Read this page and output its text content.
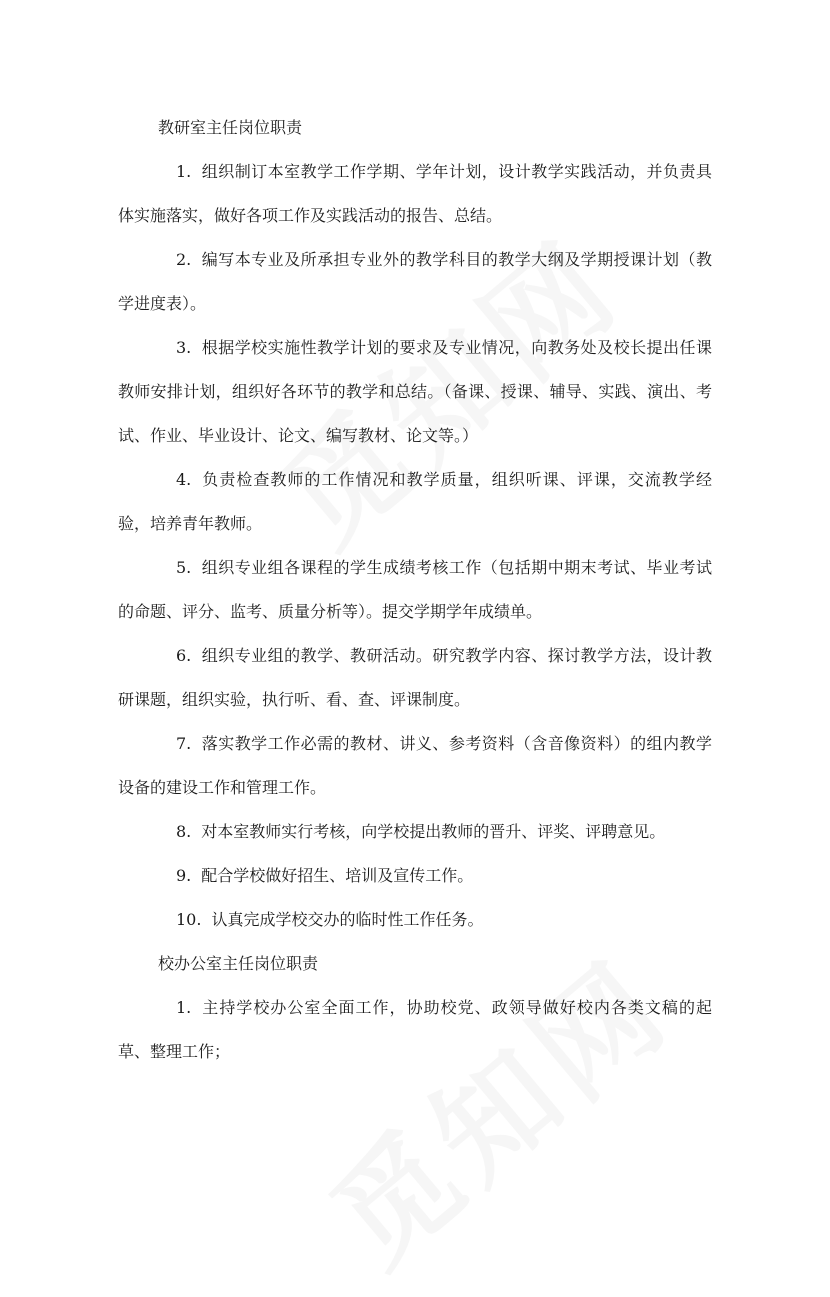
教研室主任岗位职责

1. 组织制订本室教学工作学期、学年计划，设计教学实践活动，并负责具体实施落实，做好各项工作及实践活动的报告、总结。

2. 编写本专业及所承担专业外的教学科目的教学大纲及学期授课计划（教学进度表）。

3. 根据学校实施性教学计划的要求及专业情况，向教务处及校长提出任课教师安排计划，组织好各环节的教学和总结。（备课、授课、辅导、实践、演出、考试、作业、毕业设计、论文、编写教材、论文等。）

4. 负责检查教师的工作情况和教学质量，组织听课、评课，交流教学经验，培养青年教师。

5. 组织专业组各课程的学生成绩考核工作（包括期中期末考试、毕业考试的命题、评分、监考、质量分析等）。提交学期学年成绩单。

6. 组织专业组的教学、教研活动。研究教学内容、探讨教学方法，设计教研课题，组织实验，执行听、看、查、评课制度。

7. 落实教学工作必需的教材、讲义、参考资料（含音像资料）的组内教学设备的建设工作和管理工作。

8. 对本室教师实行考核，向学校提出教师的晋升、评奖、评聘意见。

9. 配合学校做好招生、培训及宣传工作。

10. 认真完成学校交办的临时性工作任务。

校办公室主任岗位职责

1. 主持学校办公室全面工作，协助校党、政领导做好校内各类文稿的起草、整理工作；
